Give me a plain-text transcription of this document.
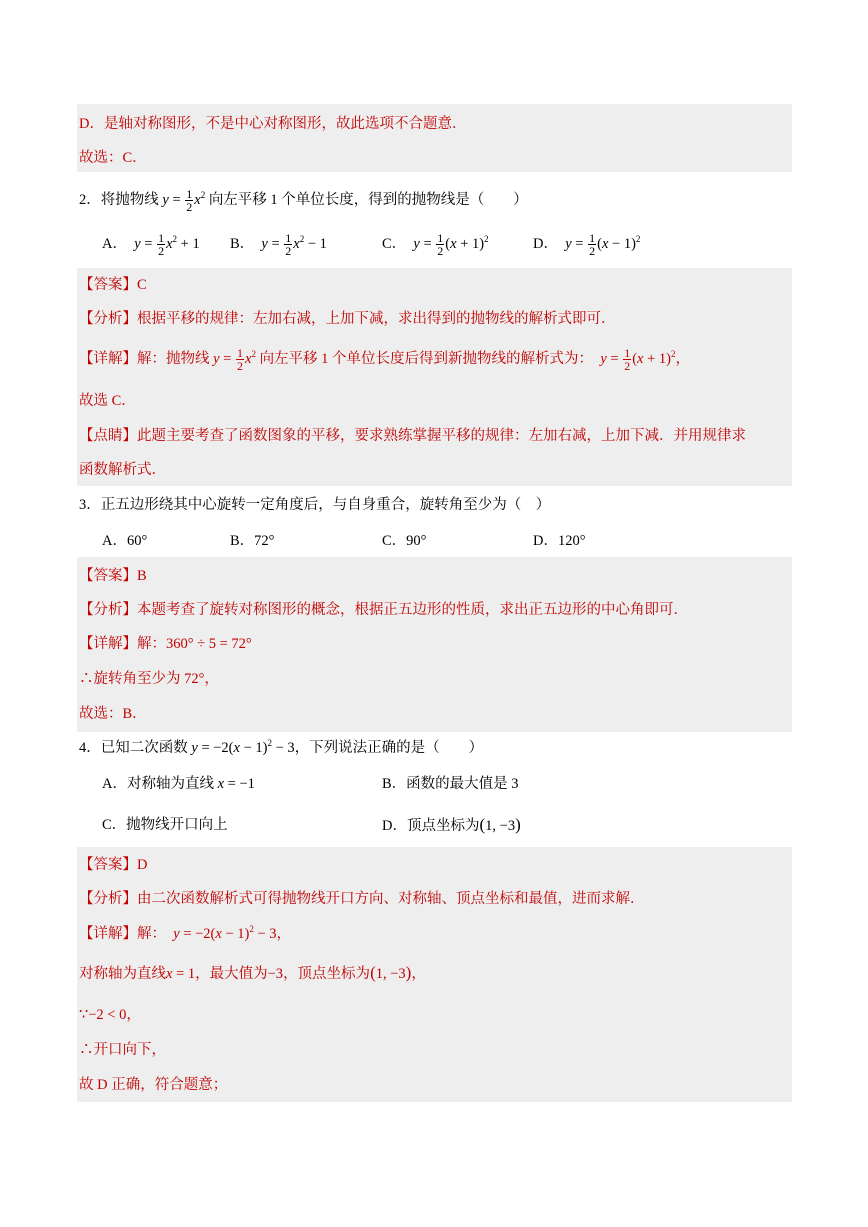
D．是轴对称图形，不是中心对称图形，故此选项不合题意．
故选：C．
2．将抛物线 $y = \frac{1}{2} x^2$ 向左平移 1 个单位长度，得到的抛物线是（　　）
A． $y = \frac{1}{2} x^2 + 1$ B． $y = \frac{1}{2} x^2 - 1$	C． $y = \frac{1}{2} (x + 1)^2$	D． $y = \frac{1}{2} (x - 1)^2$
【答案】C
【分析】根据平移的规律：左加右减，上加下减，求出得到的抛物线的解析式即可．
【详解】解：抛物线 $y = \frac{1}{2} x^2$ 向左平移 1 个单位长度后得到新抛物线的解析式为： $y = \frac{1}{2} (x + 1)^2$，
故选 C．
【点睛】此题主要考查了函数图象的平移，要求熟练掌握平移的规律：左加右减，上加下减．并用规律求
函数解析式．
3．正五边形绕其中心旋转一定角度后，与自身重合，旋转角至少为（　）
A．60°	B．72°	C．90°	D．120°
【答案】B
【分析】本题考查了旋转对称图形的概念，根据正五边形的性质，求出正五边形的中心角即可．
【详解】解：360° ÷ 5 = 72°
∴旋转角至少为 72°，
故选：B．
4．已知二次函数 $y = -2(x - 1)^2 - 3$，下列说法正确的是（　　）
A．对称轴为直线 x = −1	B．函数的最大值是 3
C．抛物线开口向上	D．顶点坐标为(1, −3)
【答案】D
【分析】由二次函数解析式可得抛物线开口方向、对称轴、顶点坐标和最值，进而求解．
【详解】解： $y = -2(x - 1)^2 - 3$，
对称轴为直线x = 1，最大值为−3，顶点坐标为(1, −3)，
∵−2 < 0，
∴开口向下，
故 D 正确，符合题意；
